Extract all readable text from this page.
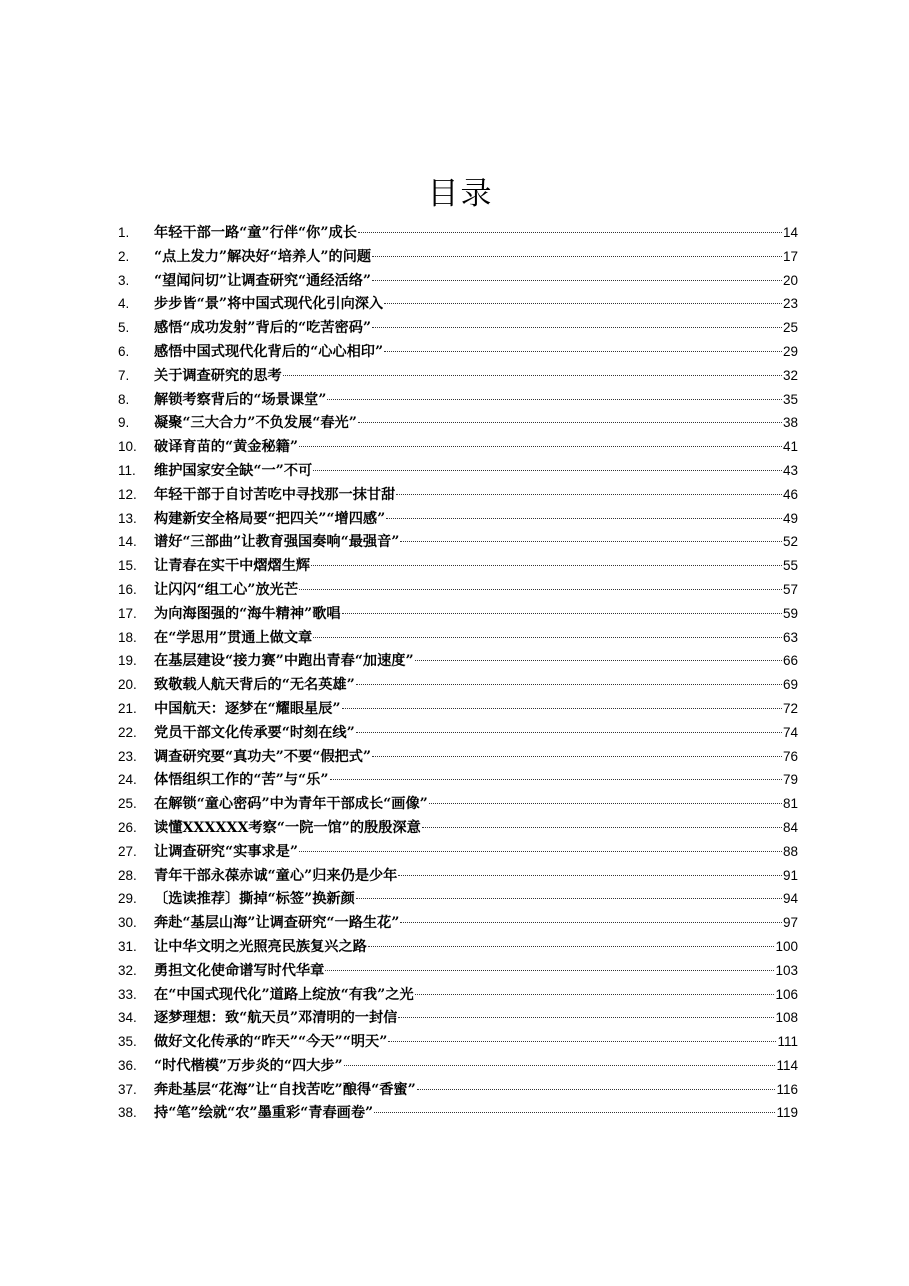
目录
1.	年轻干部一路“童”行伴“你”成长	14
2.	“点上发力”解决好“培养人”的问题	17
3.	“望闻问切”让调查研究“通经活络”	20
4.	步步皆“景”将中国式现代化引向深入	23
5.	感悟“成功发射”背后的“吃苦密码”	25
6.	感悟中国式现代化背后的“心心相印”	29
7.	关于调查研究的思考	32
8.	解锁考察背后的“场景课堂”	35
9.	凝聚“三大合力”不负发展“春光”	38
10.	破译育苗的“黄金秘籍”	41
11.	维护国家安全缺“一”不可	43
12.	年轻干部于自讨苦吃中寻找那一抹甘甜	46
13.	构建新安全格局要“把四关”“增四感”	49
14.	谱好“三部曲”让教育强国奏响“最强音”	52
15.	让青春在实干中熠熠生辉	55
16.	让闪闪“组工心”放光芒	57
17.	为向海图强的“海牛精神”歌唱	59
18.	在“学思用”贯通上做文章	63
19.	在基层建设“接力赛”中跑出青春“加速度”	66
20.	致敬载人航天背后的“无名英雄”	69
21.	中国航天：逐梦在“耀眼星辰”	72
22.	党员干部文化传承要“时刻在线”	74
23.	调查研究要“真功夫”不要“假把式”	76
24.	体悟组织工作的“苦”与“乐”	79
25.	在解锁“童心密码”中为青年干部成长“画像”	81
26.	读懂XXXXXX考察“一院一馆”的殷殷深意	84
27.	让调查研究“实事求是”	88
28.	青年干部永葆赤诚“童心”归来仍是少年	91
29.	〔选读推荐〕撕掉“标签”换新颜	94
30.	奔赴“基层山海”让调查研究“一路生花”	97
31.	让中华文明之光照亮民族复兴之路	100
32.	勇担文化使命谱写时代华章	103
33.	在“中国式现代化”道路上绽放“有我”之光	106
34.	逐梦理想：致“航天员”邓清明的一封信	108
35.	做好文化传承的“昨天”“今天”“明天”	111
36.	“时代楷模”万步炎的“四大步”	114
37.	奔赴基层“花海”让“自找苦吃”酿得“香蜜”	116
38.	持“笔”绘就“农”墨重彩“青春画卷”	119
